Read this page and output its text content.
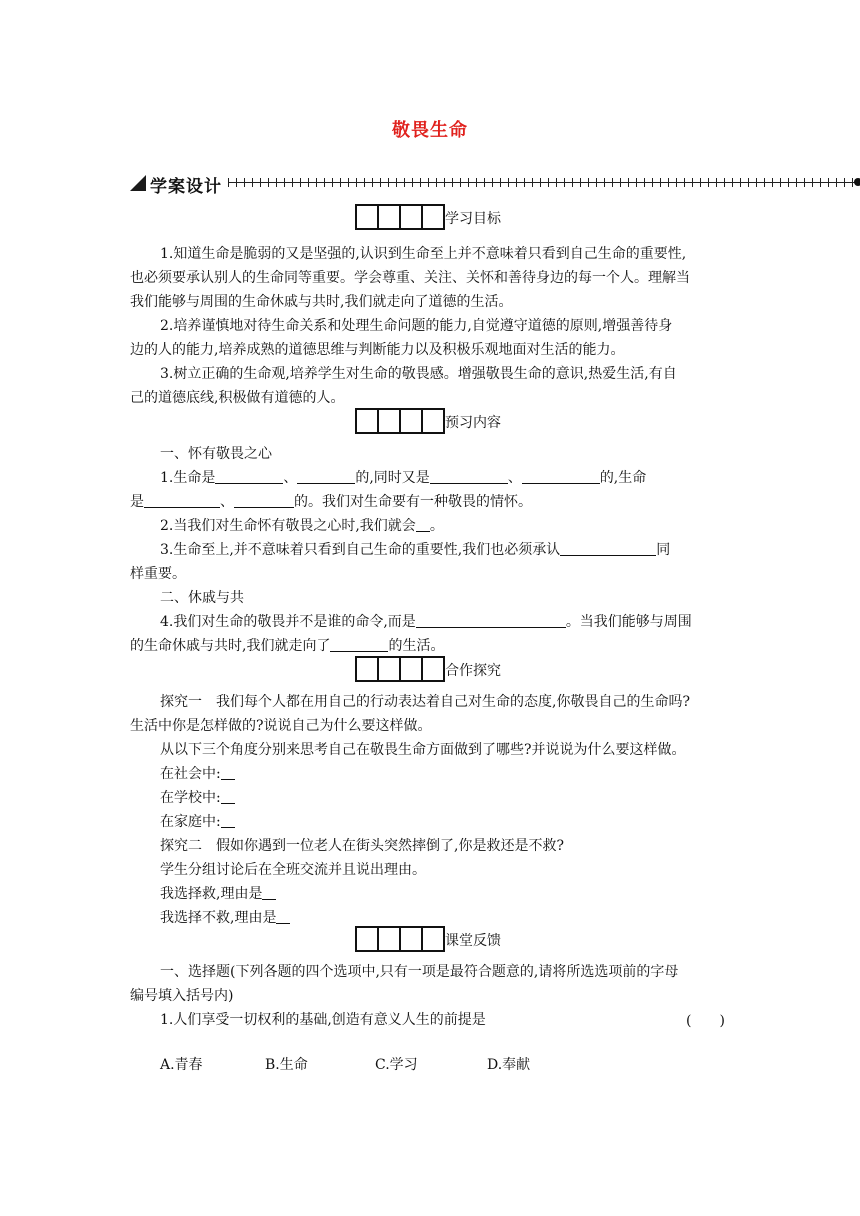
敬畏生命
学案设计
学习目标
1.知道生命是脆弱的又是坚强的,认识到生命至上并不意味着只看到自己生命的重要性,
也必须要承认别人的生命同等重要。学会尊重、关注、关怀和善待身边的每一个人。理解当
我们能够与周围的生命休戚与共时,我们就走向了道德的生活。
2.培养谨慎地对待生命关系和处理生命问题的能力,自觉遵守道德的原则,增强善待身
边的人的能力,培养成熟的道德思维与判断能力以及积极乐观地面对生活的能力。
3.树立正确的生命观,培养学生对生命的敬畏感。增强敬畏生命的意识,热爱生活,有自
己的道德底线,积极做有道德的人。
预习内容
一、怀有敬畏之心
1.生命是	、	的,同时又是	、	的,生命
是	、	的。我们对生命要有一种敬畏的情怀。
2.当我们对生命怀有敬畏之心时,我们就会 。
3.生命至上,并不意味着只看到自己生命的重要性,我们也必须承认	同
样重要。
二、休戚与共
4.我们对生命的敬畏并不是谁的命令,而是	。当我们能够与周围
的生命休戚与共时,我们就走向了	的生活。
合作探究
探究一　我们每个人都在用自己的行动表达着自己对生命的态度,你敬畏自己的生命吗?
生活中你是怎样做的?说说自己为什么要这样做。
从以下三个角度分别来思考自己在敬畏生命方面做到了哪些?并说说为什么要这样做。
在社会中:
在学校中:
在家庭中:
探究二　假如你遇到一位老人在街头突然摔倒了,你是救还是不救?
学生分组讨论后在全班交流并且说出理由。
我选择救,理由是
我选择不救,理由是
课堂反馈
一、选择题(下列各题的四个选项中,只有一项是最符合题意的,请将所选选项前的字母
编号填入括号内)
1.人们享受一切权利的基础,创造有意义人生的前提是	(　　)
A.青春	B.生命	C.学习	D.奉献
